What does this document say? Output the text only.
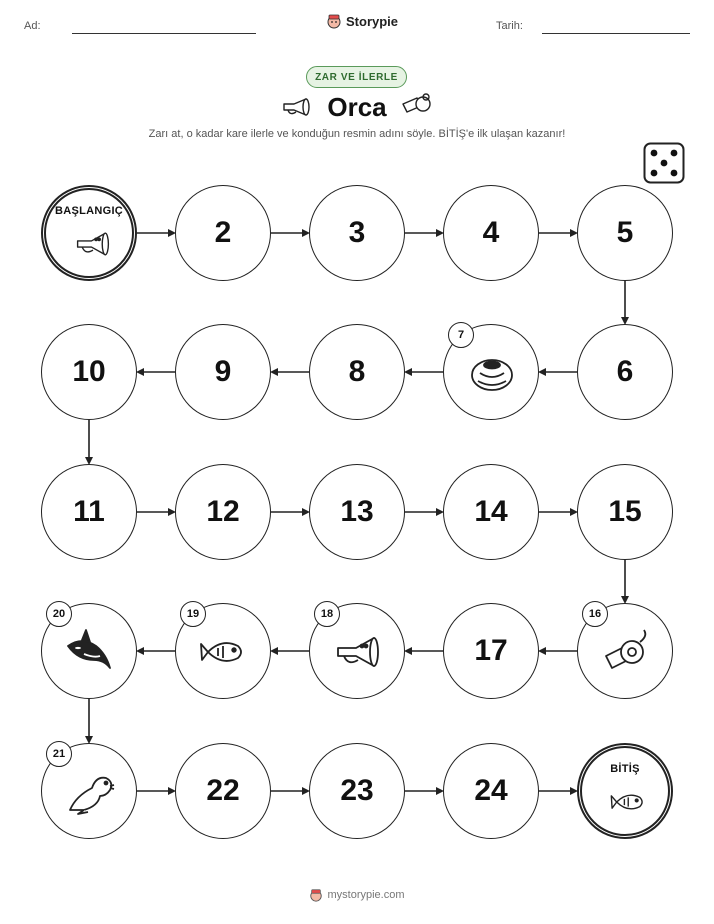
Ad:	Storypie	Tarih:
ZAR VE İLERLE
Orca
Zarı at, o kadar kare ilerle ve konduğun resmin adını söyle. BİTİŞ'e ilk ulaşan kazanır!
BAŞLANGIÇ
2	3	4	5
6
7
8
9
10
11	12	13	14	15
16
17
18
19
20
21
22	23	24
BİTİŞ
mystorypie.com
